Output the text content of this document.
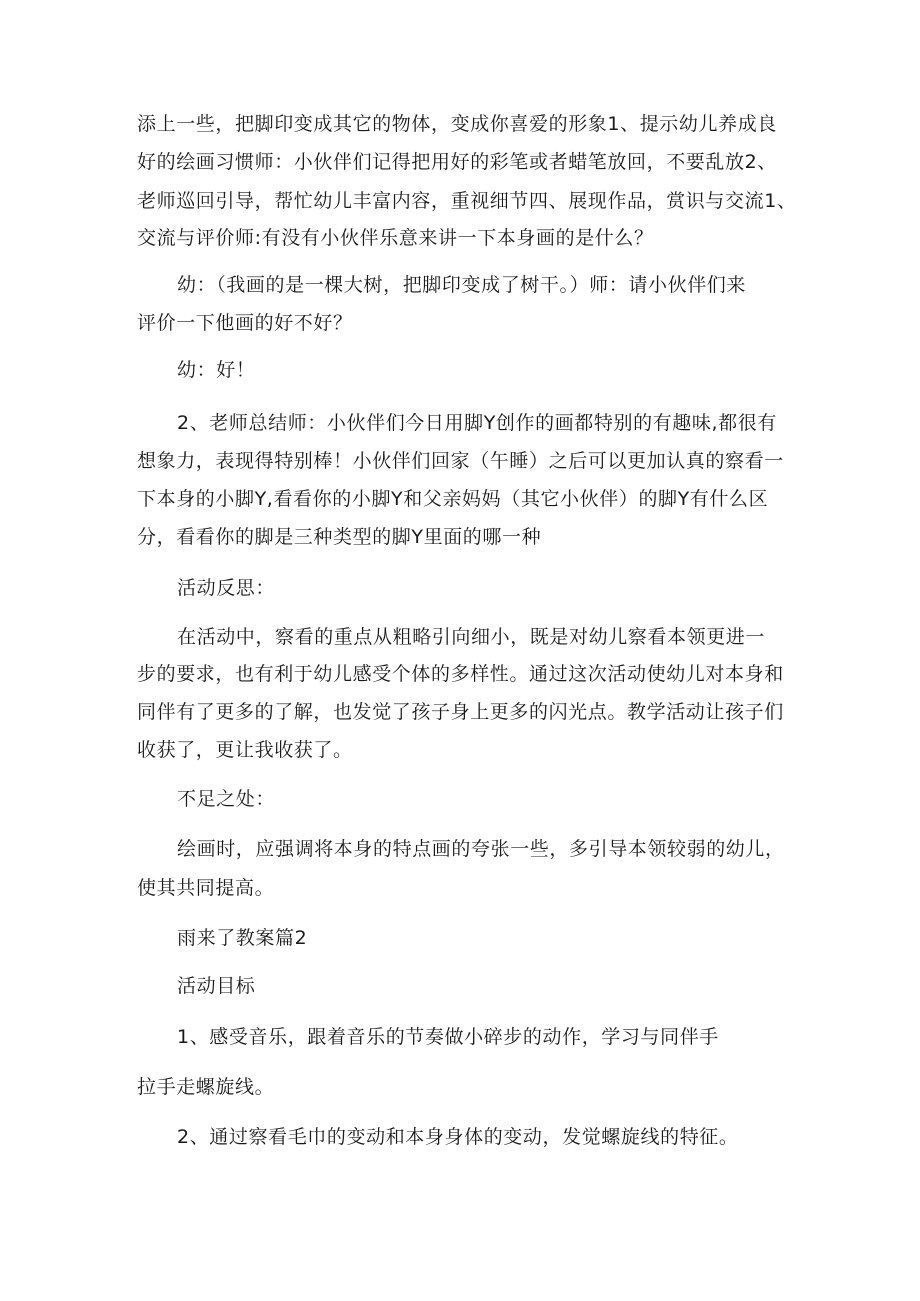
添上一些，把脚印变成其它的物体，变成你喜爱的形象1、提示幼儿养成良
好的绘画习惯师：小伙伴们记得把用好的彩笔或者蜡笔放回，不要乱放2、
老师巡回引导，帮忙幼儿丰富内容，重视细节四、展现作品，赏识与交流1、
交流与评价师:有没有小伙伴乐意来讲一下本身画的是什么？
幼：（我画的是一棵大树，把脚印变成了树干。）师：请小伙伴们来
评价一下他画的好不好？
幼：好！
2、老师总结师：小伙伴们今日用脚Y创作的画都特别的有趣味,都很有
想象力，表现得特别棒！小伙伴们回家（午睡）之后可以更加认真的察看一
下本身的小脚Y,看看你的小脚Y和父亲妈妈（其它小伙伴）的脚Y有什么区
分，看看你的脚是三种类型的脚Y里面的哪一种
活动反思：
在活动中，察看的重点从粗略引向细小，既是对幼儿察看本领更进一
步的要求，也有利于幼儿感受个体的多样性。通过这次活动使幼儿对本身和
同伴有了更多的了解，也发觉了孩子身上更多的闪光点。教学活动让孩子们
收获了，更让我收获了。
不足之处：
绘画时，应强调将本身的特点画的夸张一些，多引导本领较弱的幼儿，
使其共同提高。
雨来了教案篇2
活动目标
1、感受音乐，跟着音乐的节奏做小碎步的动作，学习与同伴手
拉手走螺旋线。
2、通过察看毛巾的变动和本身身体的变动，发觉螺旋线的特征。
